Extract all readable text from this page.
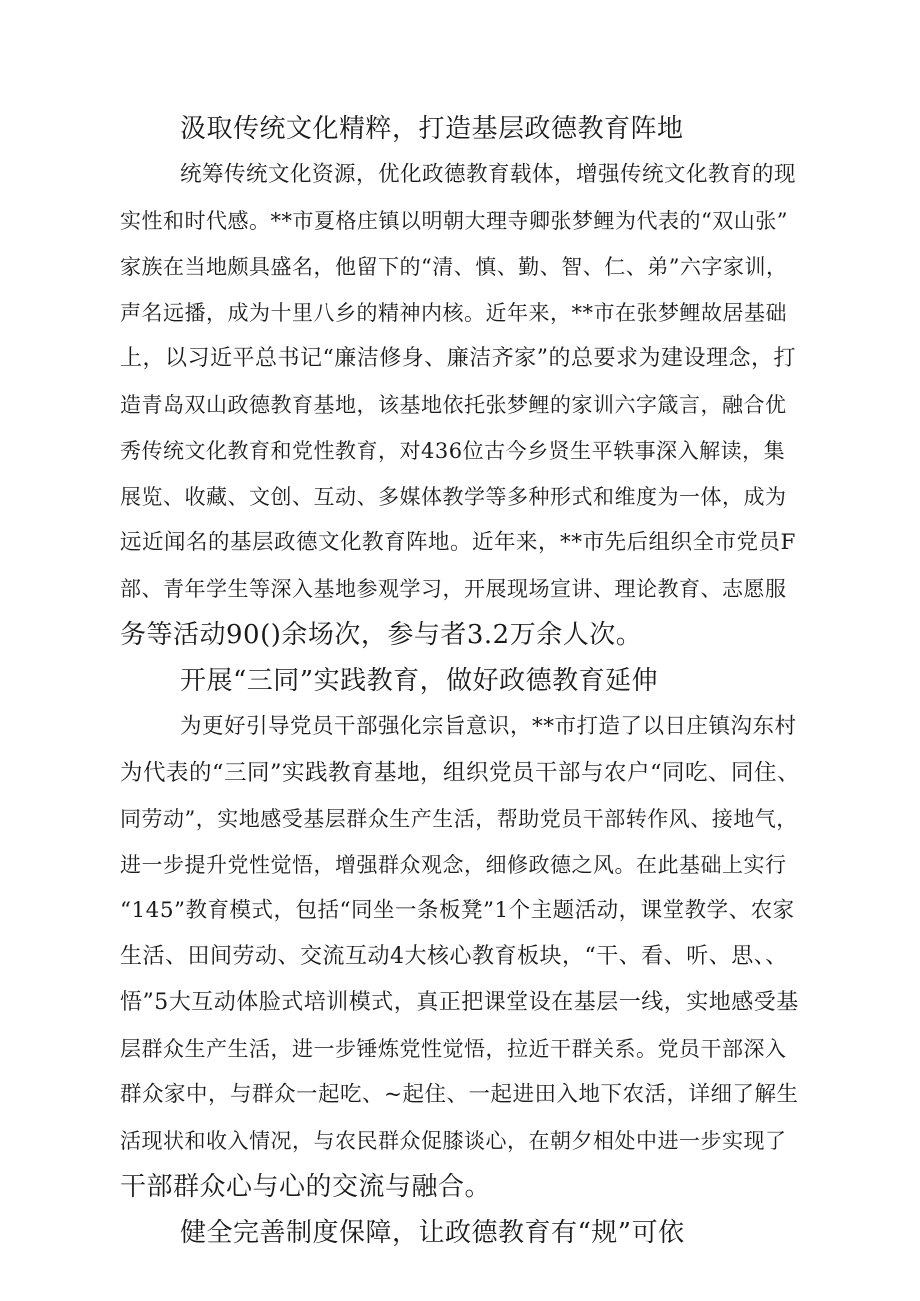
汲取传统文化精粹，打造基层政德教育阵地
统筹传统文化资源，优化政德教育载体，增强传统文化教育的现
实性和时代感。**市夏格庄镇以明朝大理寺卿张梦鲤为代表的“双山张”
家族在当地颇具盛名，他留下的“清、慎、勤、智、仁、弟”六字家训，
声名远播，成为十里八乡的精神内核。近年来，**市在张梦鲤故居基础
上，以习近平总书记“廉洁修身、廉洁齐家”的总要求为建设理念，打
造青岛双山政德教育基地，该基地依托张梦鲤的家训六字箴言，融合优
秀传统文化教育和党性教育，对436位古今乡贤生平轶事深入解读，集
展览、收藏、文创、互动、多媒体教学等多种形式和维度为一体，成为
远近闻名的基层政德文化教育阵地。近年来，**市先后组织全市党员F
部、青年学生等深入基地参观学习，开展现场宣讲、理论教育、志愿服
务等活动90()余场次，参与者3.2万余人次。
开展“三同”实践教育，做好政德教育延伸
为更好引导党员干部强化宗旨意识，**市打造了以日庄镇沟东村
为代表的“三同”实践教育基地，组织党员干部与农户“同吃、同住、
同劳动”，实地感受基层群众生产生活，帮助党员干部转作风、接地气，
进一步提升党性觉悟，增强群众观念，细修政德之风。在此基础上实行
“145”教育模式，包括“同坐一条板凳”1个主题活动，课堂教学、农家
生活、田间劳动、交流互动4大核心教育板块，“干、看、听、思、、
悟”5大互动体脸式培训模式，真正把课堂设在基层一线，实地感受基
层群众生产生活，进一步锤炼党性觉悟，拉近干群关系。党员干部深入
群众家中，与群众一起吃、~起住、一起进田入地下农活，详细了解生
活现状和收入情况，与农民群众促膝谈心，在朝夕相处中进一步实现了
干部群众心与心的交流与融合。
健全完善制度保障，让政德教育有“规”可依
